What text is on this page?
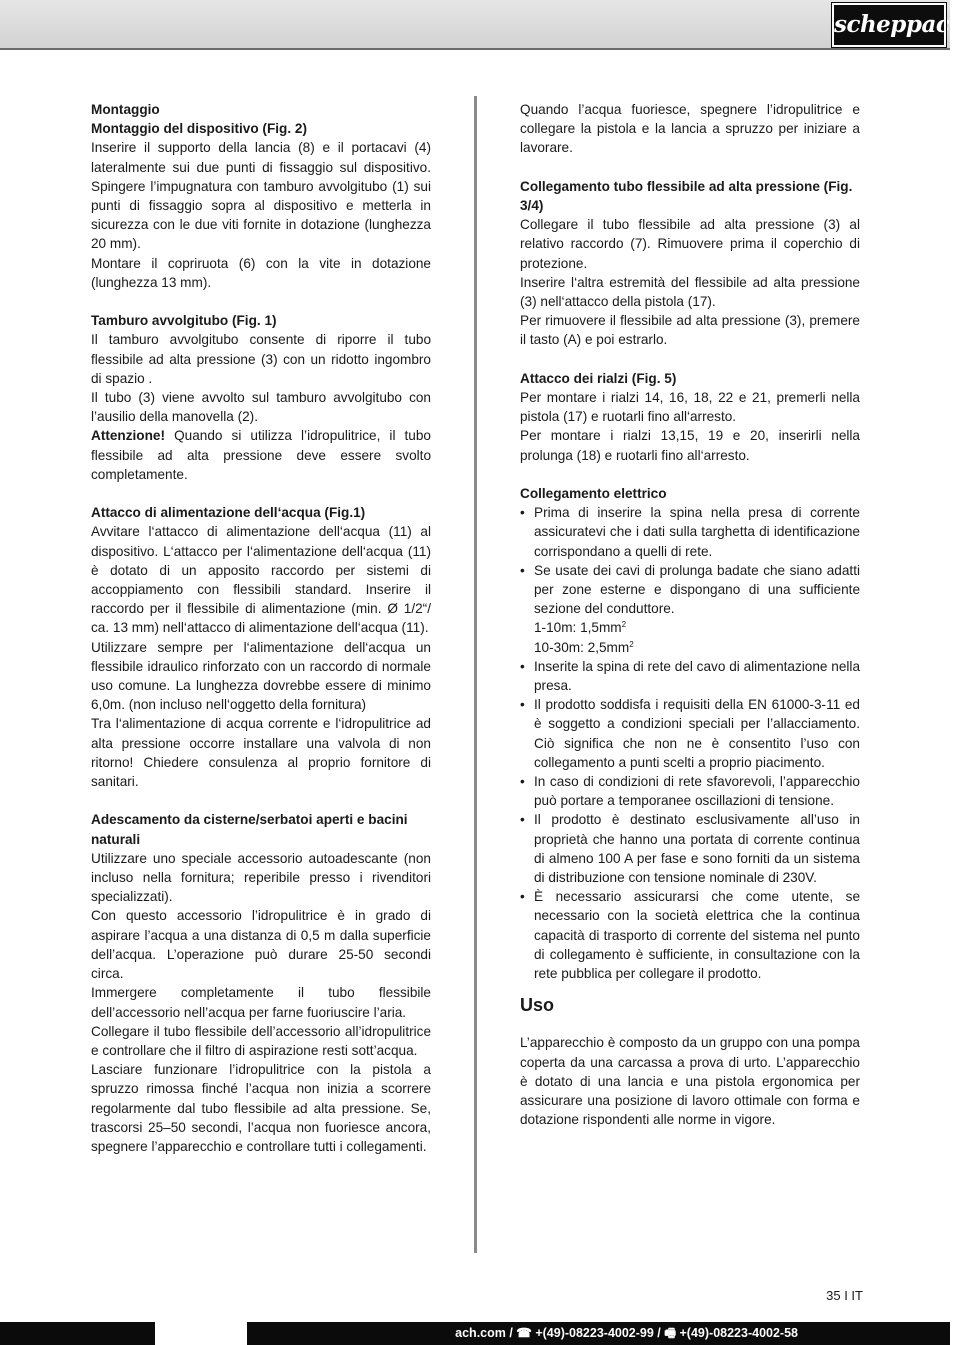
scheppach
Montaggio
Montaggio del dispositivo (Fig. 2)

Inserire il supporto della lancia (8) e il portacavi (4) lateralmente sui due punti di fissaggio sul dispositivo. Spingere l’impugnatura con tamburo avvolgitubo (1) sui punti di fissaggio sopra al dispositivo e metterla in sicurezza con le due viti fornite in dotazione (lunghezza 20 mm).

Montare il copriruota (6) con la vite in dotazione (lunghezza 13 mm).

Tamburo avvolgitubo (Fig. 1)

Il tamburo avvolgitubo consente di riporre il tubo flessibile ad alta pressione (3) con un ridotto ingombro di spazio .

Il tubo (3) viene avvolto sul tamburo avvolgitubo con l’ausilio della manovella (2).

Attenzione! Quando si utilizza l’idropulitrice, il tubo flessibile ad alta pressione deve essere svolto completamente.

Attacco di alimentazione dell‘acqua (Fig.1)

Avvitare l‘attacco di alimentazione dell‘acqua (11) al dispositivo. L‘attacco per l‘alimentazione dell‘acqua (11) è dotato di un apposito raccordo per sistemi di accoppiamento con flessibili standard. Inserire il raccordo per il flessibile di alimentazione (min. Ø 1/2“/ ca. 13 mm) nell‘attacco di alimentazione dell‘acqua (11).

Utilizzare sempre per l‘alimentazione dell‘acqua un flessibile idraulico rinforzato con un raccordo di normale uso comune. La lunghezza dovrebbe essere di minimo 6,0m. (non incluso nell‘oggetto della fornitura)

Tra l‘alimentazione di acqua corrente e l‘idropulitrice ad alta pressione occorre installare una valvola di non ritorno! Chiedere consulenza al proprio fornitore di sanitari.

Adescamento da cisterne/serbatoi aperti e bacini naturali

Utilizzare uno speciale accessorio autoadescante (non incluso nella fornitura; reperibile presso i rivenditori specializzati).

Con questo accessorio l’idropulitrice è in grado di aspirare l’acqua a una distanza di 0,5 m dalla superficie dell’acqua. L’operazione può durare 25-50 secondi circa.

Immergere completamente il tubo flessibile dell’accessorio nell’acqua per farne fuoriuscire l’aria.

Collegare il tubo flessibile dell’accessorio all’idropulitrice e controllare che il filtro di aspirazione resti sott’acqua.

Lasciare funzionare l’idropulitrice con la pistola a spruzzo rimossa finché l’acqua non inizia a scorrere regolarmente dal tubo flessibile ad alta pressione. Se, trascorsi 25–50 secondi, l’acqua non fuoriesce ancora, spegnere l’apparecchio e controllare tutti i collegamenti.

Quando l’acqua fuoriesce, spegnere l’idropulitrice e collegare la pistola e la lancia a spruzzo per iniziare a lavorare.

Collegamento tubo flessibile ad alta pressione (Fig. 3/4)

Collegare il tubo flessibile ad alta pressione (3) al relativo raccordo (7). Rimuovere prima il coperchio di protezione.

Inserire l‘altra estremità del flessibile ad alta pressione (3) nell‘attacco della pistola (17).

Per rimuovere il flessibile ad alta pressione (3), premere il tasto (A) e poi estrarlo.

Attacco dei rialzi (Fig. 5)

Per montare i rialzi 14, 16, 18, 22 e 21, premerli nella pistola (17) e ruotarli fino all‘arresto.

Per montare i rialzi 13,15, 19 e 20, inserirli nella prolunga (18) e ruotarli fino all‘arresto.

Collegamento elettrico
• Prima di inserire la spina nella presa di corrente assicuratevi che i dati sulla targhetta di identificazione corrispondano a quelli di rete.
• Se usate dei cavi di prolunga badate che siano adatti per zone esterne e dispongano di una sufficiente sezione del conduttore.
1-10m: $1,5mm^2$
10-30m: $2,5mm^2$
• Inserite la spina di rete del cavo di alimentazione nella presa.
• Il prodotto soddisfa i requisiti della EN 61000-3-11 ed è soggetto a condizioni speciali per l’allacciamento. Ciò significa che non ne è consentito l’uso con collegamento a punti scelti a proprio piacimento.
• In caso di condizioni di rete sfavorevoli, l’apparecchio può portare a temporanee oscillazioni di tensione.
• Il prodotto è destinato esclusivamente all’uso in proprietà che hanno una portata di corrente continua di almeno 100 A per fase e sono forniti da un sistema di distribuzione con tensione nominale di 230V.
• È necessario assicurarsi che come utente, se necessario con la società elettrica che la continua capacità di trasporto di corrente del sistema nel punto di collegamento è sufficiente, in consultazione con la rete pubblica per collegare il prodotto.
Uso

L’apparecchio è composto da un gruppo con una pompa coperta da una carcassa a prova di urto. L’apparecchio è dotato di una lancia e una pistola ergonomica per assicurare una posizione di lavoro ottimale con forma e dotazione rispondenti alle norme in vigore.

35 I IT
ach.com / ☎ +(49)-08223-4002-99 / 🖷 +(49)-08223-4002-58
